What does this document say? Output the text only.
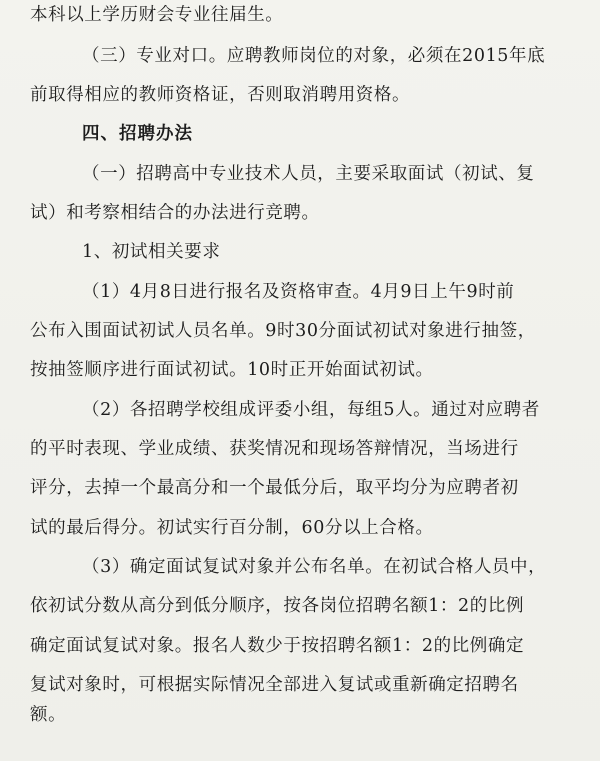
本科以上学历财会专业往届生。
（三）专业对口。应聘教师岗位的对象，必须在2015年底
前取得相应的教师资格证，否则取消聘用资格。
四、招聘办法
（一）招聘高中专业技术人员，主要采取面试（初试、复
试）和考察相结合的办法进行竞聘。
1、初试相关要求
（1）4月8日进行报名及资格审查。4月9日上午9时前
公布入围面试初试人员名单。9时30分面试初试对象进行抽签，
按抽签顺序进行面试初试。10时正开始面试初试。
（2）各招聘学校组成评委小组，每组5人。通过对应聘者
的平时表现、学业成绩、获奖情况和现场答辩情况，当场进行
评分，去掉一个最高分和一个最低分后，取平均分为应聘者初
试的最后得分。初试实行百分制，60分以上合格。
（3）确定面试复试对象并公布名单。在初试合格人员中，
依初试分数从高分到低分顺序，按各岗位招聘名额1：2的比例
确定面试复试对象。报名人数少于按招聘名额1：2的比例确定
复试对象时，可根据实际情况全部进入复试或重新确定招聘名
额。
